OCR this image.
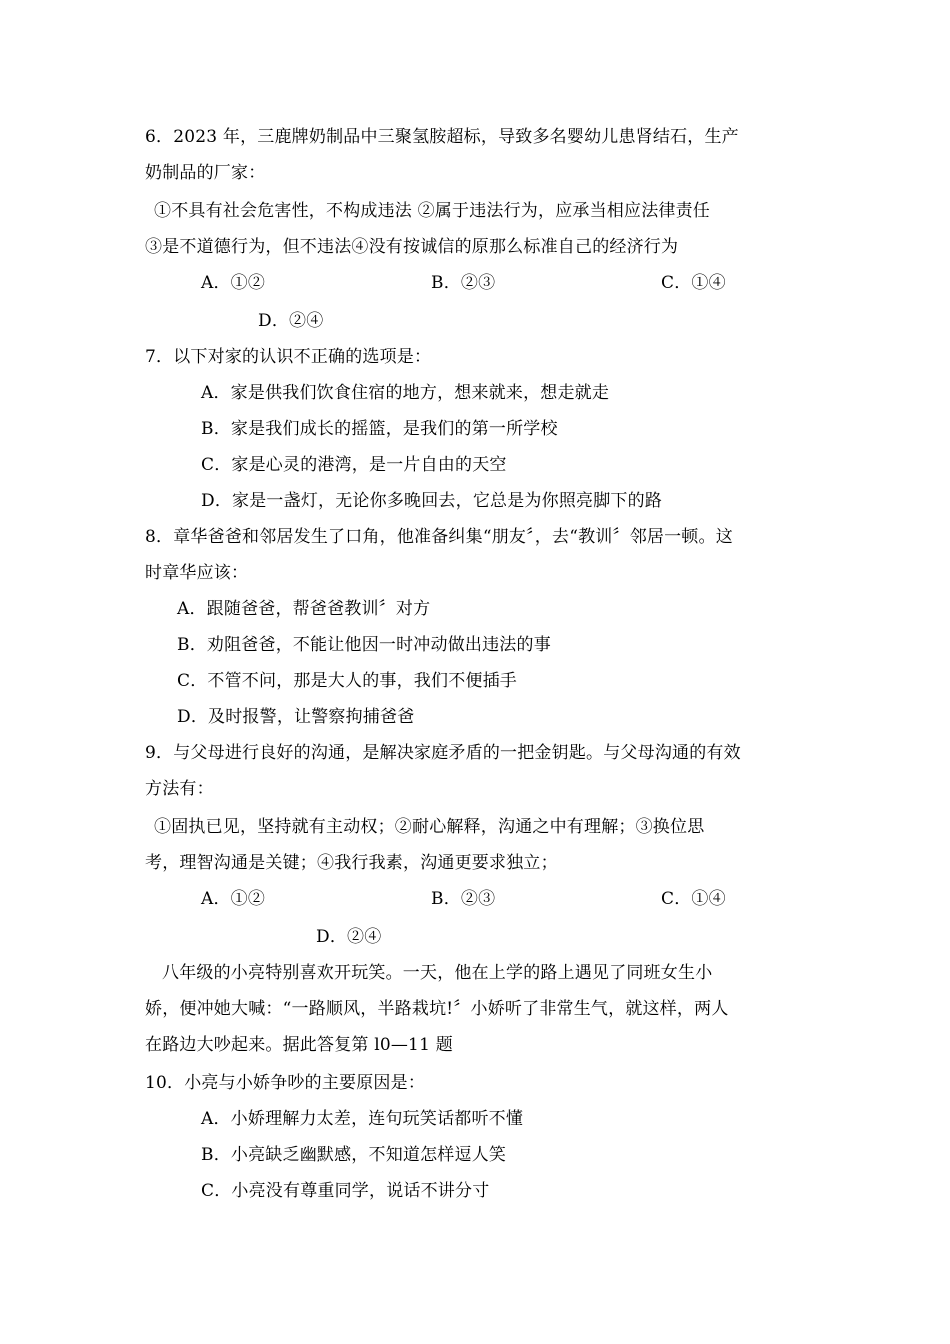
6．2023 年，三鹿牌奶制品中三聚氢胺超标，导致多名婴幼儿患肾结石，生产
奶制品的厂家：
①不具有社会危害性，不构成违法 ②属于违法行为，应承当相应法律责任
③是不道德行为，但不违法④没有按诚信的原那么标准自己的经济行为
A．①②	B．②③	C．①④
D．②④
7．以下对家的认识不正确的选项是：
A．家是供我们饮食住宿的地方，想来就来，想走就走
B．家是我们成长的摇篮，是我们的第一所学校
C．家是心灵的港湾，是一片自由的天空
D．家是一盏灯，无论你多晚回去，它总是为你照亮脚下的路
8．章华爸爸和邻居发生了口角，他准备纠集“朋友〞，去“教训〞邻居一顿。这
时章华应该：
A．跟随爸爸，帮爸爸教训〞对方
B．劝阻爸爸，不能让他因一时冲动做出违法的事
C．不管不问，那是大人的事，我们不便插手
D．及时报警，让警察拘捕爸爸
9．与父母进行良好的沟通，是解决家庭矛盾的一把金钥匙。与父母沟通的有效
方法有：
①固执已见，坚持就有主动权；②耐心解释，沟通之中有理解；③换位思
考，理智沟通是关键；④我行我素，沟通更要求独立；
A．①②	B．②③	C．①④
D．②④
八年级的小亮特别喜欢开玩笑。一天，他在上学的路上遇见了同班女生小
娇，便冲她大喊：“一路顺风，半路栽坑!〞小娇听了非常生气，就这样，两人
在路边大吵起来。据此答复第 l0—11 题
10．小亮与小娇争吵的主要原因是：
A．小娇理解力太差，连句玩笑话都听不懂
B．小亮缺乏幽默感，不知道怎样逗人笑
C．小亮没有尊重同学，说话不讲分寸
